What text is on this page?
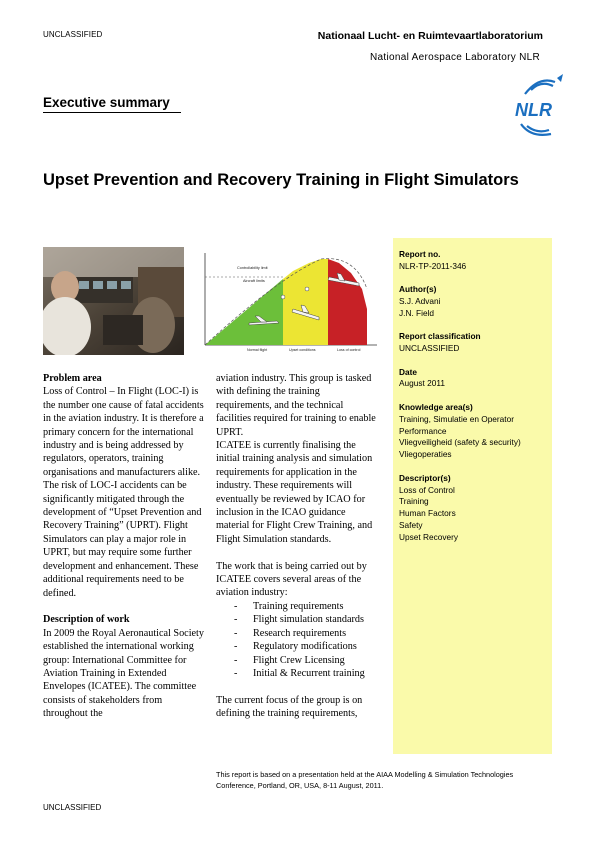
UNCLASSIFIED
UNCLASSIFIED
Nationaal Lucht- en Ruimtevaartlaboratorium
National Aerospace Laboratory NLR
NLR
Executive summary
Upset Prevention and Recovery Training in Flight Simulators
Controllability limit
Aircraft limits
Normal flight	Upset conditions	Loss of control
Problem area

Loss of Control – In Flight (LOC-I) is the number one cause of fatal accidents in the aviation industry. It is therefore a primary concern for the international industry and is being addressed by regulators, operators, training organisations and manufacturers alike. The risk of LOC-I accidents can be significantly mitigated through the development of “Upset Prevention and Recovery Training” (UPRT). Flight Simulators can play a major role in UPRT, but may require some further development and enhancement. These additional requirements need to be defined.

Description of work

In 2009 the Royal Aeronautical Society established the international working group: International Committee for Aviation Training in Extended Envelopes (ICATEE). The committee consists of stakeholders from throughout the

aviation industry. This group is tasked with defining the training requirements, and the technical facilities required for training to enable UPRT.

ICATEE is currently finalising the initial training analysis and simulation requirements for application in the industry. These requirements will eventually be reviewed by ICAO for inclusion in the ICAO guidance material for Flight Crew Training, and Flight Simulation standards.

The work that is being carried out by ICATEE covers several areas of the aviation industry:

- Training requirements
- Flight simulation standards
- Research requirements
- Regulatory modifications
- Flight Crew Licensing
- Initial & Recurrent training

The current focus of the group is on defining the training requirements,

Report no.

NLR-TP-2011-346

Author(s)

S.J. Advani

J.N. Field

Report classification

UNCLASSIFIED

Date

August 2011

Knowledge area(s)

Training, Simulatie en Operator Performance

Vliegveiligheid (safety & security)

Vliegoperaties

Descriptor(s)

Loss of Control

Training

Human Factors

Safety

Upset Recovery

This report is based on a presentation held at the AIAA Modelling & Simulation Technologies Conference, Portland, OR, USA, 8-11 August, 2011.
